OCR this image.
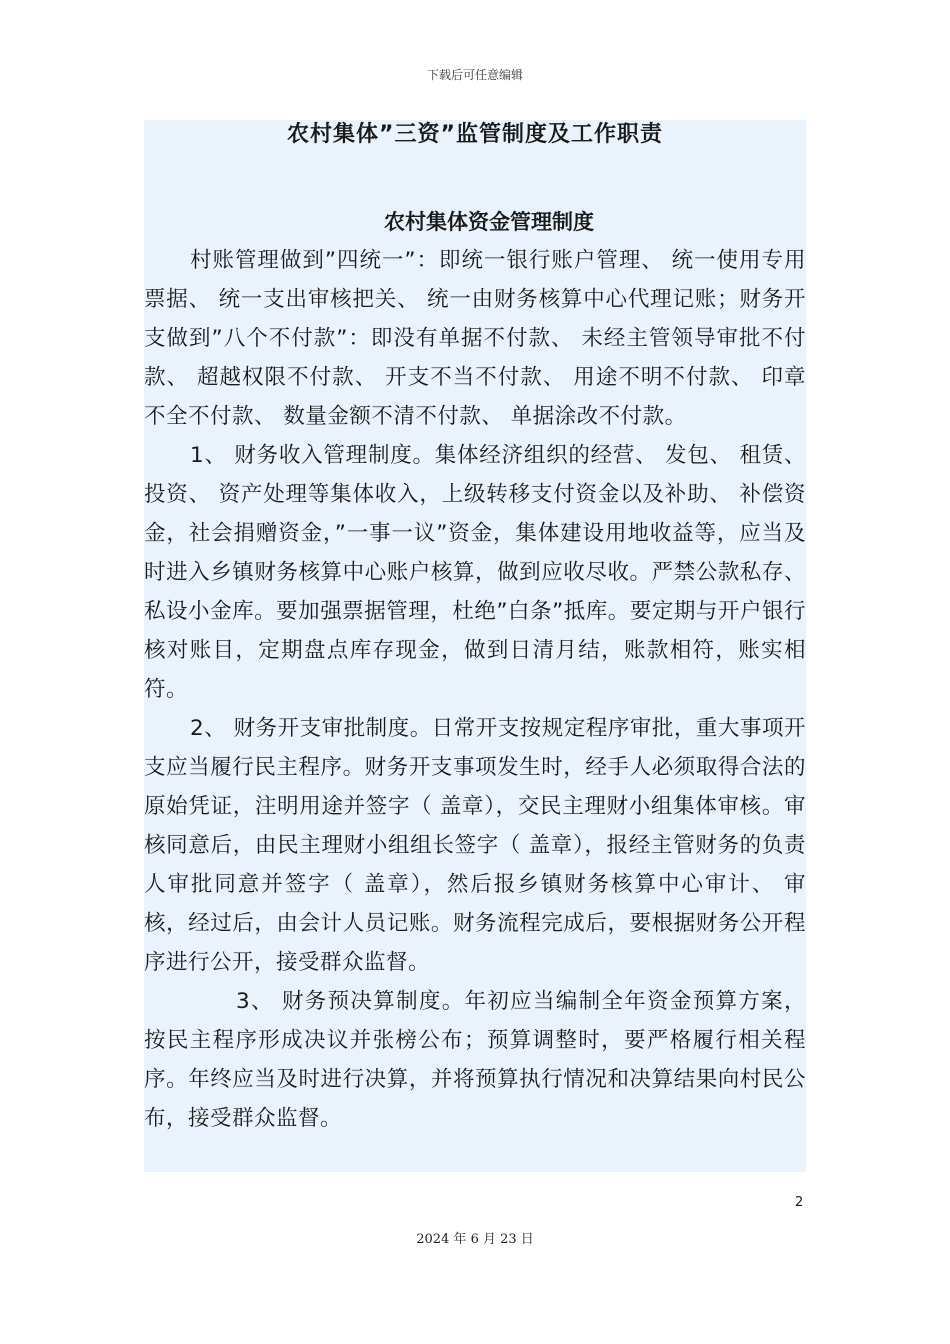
下载后可任意编辑
农村集体”三资”监管制度及工作职责
农村集体资金管理制度

村账管理做到”四统一”：即统一银行账户管理、 统一使用专用票据、 统一支出审核把关、 统一由财务核算中心代理记账；财务开支做到”八个不付款”：即没有单据不付款、 未经主管领导审批不付款、 超越权限不付款、 开支不当不付款、 用途不明不付款、 印章不全不付款、 数量金额不清不付款、 单据涂改不付款。

1、 财务收入管理制度。集体经济组织的经营、 发包、 租赁、 投资、 资产处理等集体收入，上级转移支付资金以及补助、 补偿资金，社会捐赠资金，”一事一议”资金，集体建设用地收益等，应当及时进入乡镇财务核算中心账户核算，做到应收尽收。严禁公款私存、 私设小金库。要加强票据管理，杜绝”白条”抵库。要定期与开户银行核对账目，定期盘点库存现金，做到日清月结，账款相符，账实相符。

2、 财务开支审批制度。日常开支按规定程序审批，重大事项开支应当履行民主程序。财务开支事项发生时，经手人必须取得合法的原始凭证，注明用途并签字（ 盖章），交民主理财小组集体审核。审核同意后，由民主理财小组组长签字（ 盖章），报经主管财务的负责人审批同意并签字（ 盖章），然后报乡镇财务核算中心审计、 审核，经过后，由会计人员记账。财务流程完成后，要根据财务公开程序进行公开，接受群众监督。

3、 财务预决算制度。年初应当编制全年资金预算方案，按民主程序形成决议并张榜公布；预算调整时，要严格履行相关程序。年终应当及时进行决算，并将预算执行情况和决算结果向村民公布，接受群众监督。

2
2024 年 6 月 23 日
